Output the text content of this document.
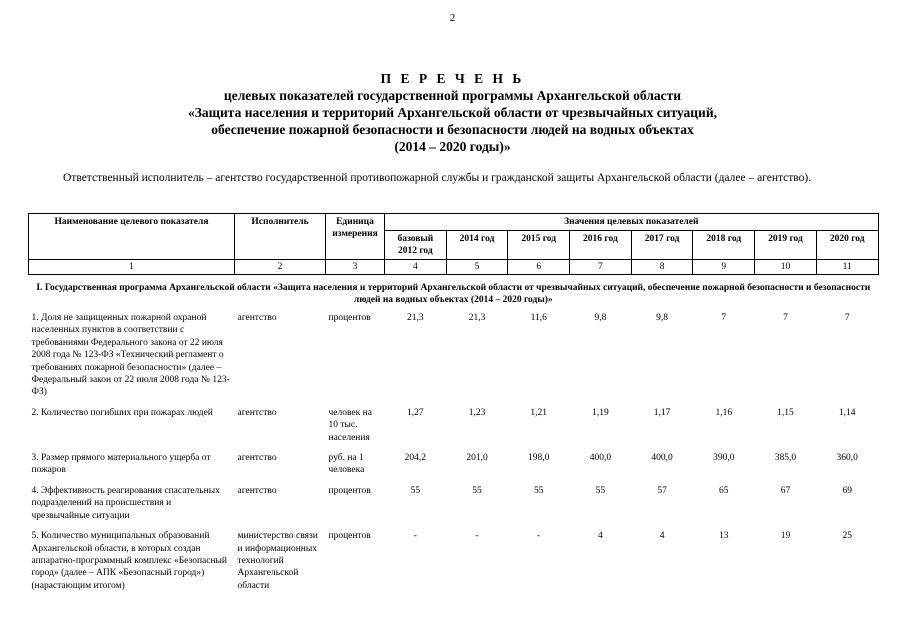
2
П Е Р Е Ч Е Н Ь
целевых показателей государственной программы Архангельской области
«Защита населения и территорий Архангельской области от чрезвычайных ситуаций,
обеспечение пожарной безопасности и безопасности людей на водных объектах
(2014 – 2020 годы)»
Ответственный исполнитель – агентство государственной противопожарной службы и гражданской защиты Архангельской области (далее – агентство).
Наименование целевого показателя	Исполнитель	Единица измерения	Значения целевых показателей							
			базовый 2012 год	2014 год	2015 год	2016 год	2017 год	2018 год	2019 год	2020 год
1	2	3	4	5	6	7	8	9	10	11
I. Государственная программа Архангельской области «Защита населения и территорий Архангельской области от чрезвычайных ситуаций, обеспечение пожарной безопасности и безопасности людей на водных объектах (2014 – 2020 годы)»										
1. Доля не защищенных пожарной охраной населенных пунктов в соответствии с требованиями Федерального закона от 22 июля 2008 года № 123-ФЗ «Технический регламент о требованиях пожарной безопасности» (далее – Федеральный закон от 22 июля 2008 года № 123-ФЗ)	агентство	процентов	21,3	21,3	11,6	9,8	9,8	7	7	7
2. Количество погибших при пожарах людей	агентство	человек на 10 тыс. населения	1,27	1,23	1,21	1,19	1,17	1,16	1,15	1,14
3. Размер прямого материального ущерба от пожаров	агентство	руб. на 1 человека	204,2	201,0	198,0	400,0	400,0	390,0	385,0	360,0
4. Эффективность реагирования спасательных подразделений на происшествия и чрезвычайные ситуации	агентство	процентов	55	55	55	55	57	65	67	69
5. Количество муниципальных образований Архангельской области, в которых создан аппаратно-программный комплекс «Безопасный город» (далее – АПК «Безопасный город») (нарастающим итогом)	министерство связи и информационных технологий Архангельской области	процентов	-	-	-	4	4	13	19	25
